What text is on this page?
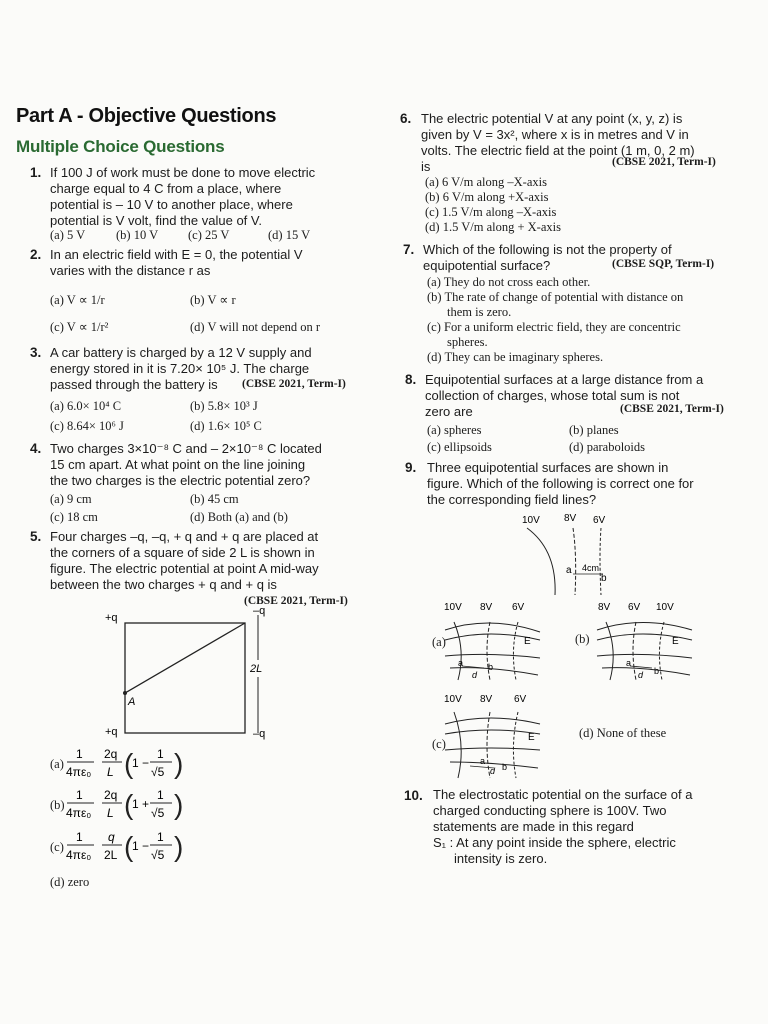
Part A - Objective Questions
Multiple Choice Questions
1. If 100 J of work must be done to move electric
charge equal to 4 C from a place, where
potential is – 10 V to another place, where
potential is V volt, find the value of V.
(a) 5 V (b) 10 V (c) 25 V	(d) 15 V
2. In an electric field with E = 0, the potential V
varies with the distance r as
(a) V ∝ 1/r	(b) V ∝ r
(c) V ∝ 1/r²	(d) V will not depend on r
3. A car battery is charged by a 12 V supply and
energy stored in it is 7.20× 10⁵ J. The charge
passed through the battery is	(CBSE 2021, Term-I)
(a) 6.0× 10⁴ C	(b) 5.8× 10³ J
(c) 8.64× 10⁶ J	(d) 1.6× 10⁵ C
4. Two charges 3×10⁻⁸ C and – 2×10⁻⁸ C located
15 cm apart. At what point on the line joining
the two charges is the electric potential zero?
(a) 9 cm	(b) 45 cm
(c) 18 cm	(d) Both (a) and (b)
5. Four charges –q, –q, + q and + q are placed at
the corners of a square of side 2 L is shown in
figure. The electric potential at point A mid-way
between the two charges + q and + q is
(CBSE 2021, Term-I)
+q
–q
+q	–q
A
2L
(a)
1
4πε₀
2q
L (
1 −
1
√5 )
(b)
1
4πε₀
2q
L (
1 +
1
√5 )
(c)
1
4πε₀
q
2L (
1 −
1
√5 )
(d) zero
6. The electric potential V at any point (x, y, z) is
given by V = 3x², where x is in metres and V in
volts. The electric field at the point (1 m, 0, 2 m)
is	(CBSE 2021, Term-I)
(a) 6 V/m along –X-axis
(b) 6 V/m along +X-axis
(c) 1.5 V/m along –X-axis
(d) 1.5 V/m along + X-axis
7. Which of the following is not the property of
equipotential surface?	(CBSE SQP, Term-I)
(a) They do not cross each other.
(b) The rate of change of potential with distance on
them is zero.
(c) For a uniform electric field, they are concentric
spheres.
(d) They can be imaginary spheres.
8. Equipotential surfaces at a large distance from a
collection of charges, whose total sum is not
zero are	(CBSE 2021, Term-I)
(a) spheres	(b) planes
(c) ellipsoids	(d) paraboloids
9. Three equipotential surfaces are shown in
figure. Which of the following is correct one for
the corresponding field lines?
10V 8V 6V
a 4cm
b
(a)
10V 8V 6V
E
a
d
b
(b)
8V 6V 10V
E
a
d b
(c)
10V 8V 6V
E
a
d b
(d) None of these
10. The electrostatic potential on the surface of a
charged conducting sphere is 100V. Two
statements are made in this regard
S₁ : At any point inside the sphere, electric
intensity is zero.
